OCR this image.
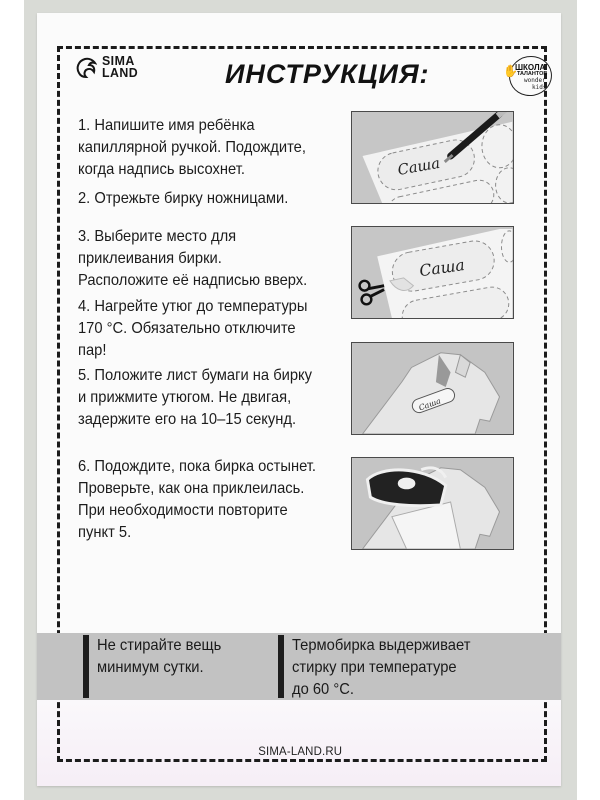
SIMA
LAND	ИНСТРУКЦИЯ:	✋
ШКОЛА
ТАЛАНТОВ
wonder
kids
1. Напишите имя ребёнка
капиллярной ручкой. Подождите,
когда надпись высохнет.
2. Отрежьте бирку ножницами.
3. Выберите место для
приклеивания бирки.
Расположите её надписью вверх.
4. Нагрейте утюг до температуры
170 °С. Обязательно отключите
пар!
5. Положите лист бумаги на бирку
и прижмите утюгом. Не двигая,
задержите его на 10–15 секунд.
6. Подождите, пока бирка остынет.
Проверьте, как она приклеилась.
При необходимости повторите
пункт 5.
Саша
Саша
Саша
Не стирайте вещь
минимум сутки.
Термобирка выдерживает
стирку при температуре
до 60 °С.
SIMA-LAND.RU
